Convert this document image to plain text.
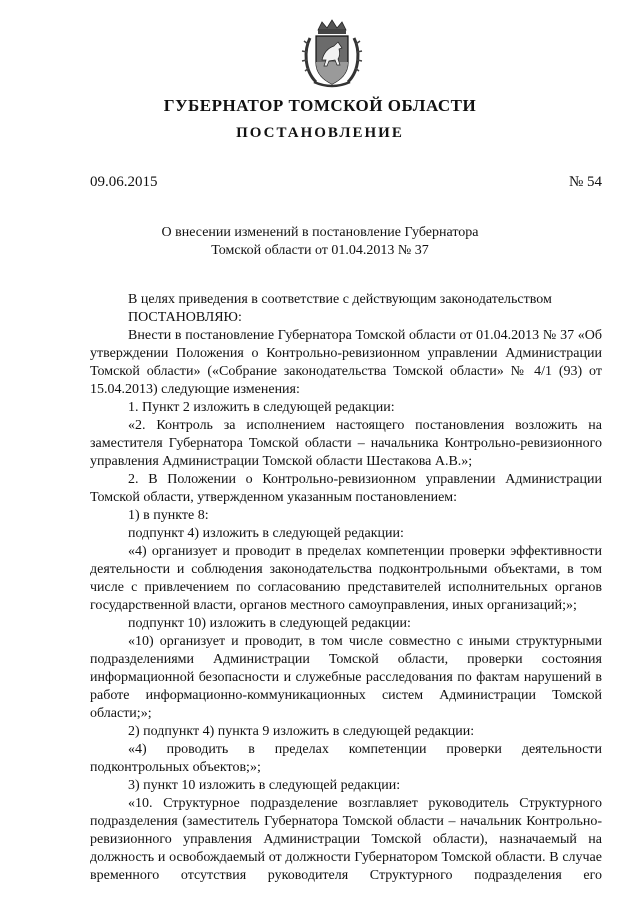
ГУБЕРНАТОР ТОМСКОЙ ОБЛАСТИ
ПОСТАНОВЛЕНИЕ
09.06.2015	№ 54
О внесении изменений в постановление Губернатора
Томской области от 01.04.2013 № 37

В целях приведения в соответствие с действующим законодательством

ПОСТАНОВЛЯЮ:

Внести в постановление Губернатора Томской области от 01.04.2013 № 37 «Об утверждении Положения о Контрольно-ревизионном управлении Администрации Томской области» («Собрание законодательства Томской области» № 4/1 (93) от 15.04.2013) следующие изменения:

1. Пункт 2 изложить в следующей редакции:

«2. Контроль за исполнением настоящего постановления возложить на заместителя Губернатора Томской области – начальника Контрольно-ревизионного управления Администрации Томской области Шестакова А.В.»;

2. В Положении о Контрольно-ревизионном управлении Администрации Томской области, утвержденном указанным постановлением:

1) в пункте 8:

подпункт 4) изложить в следующей редакции:

«4) организует и проводит в пределах компетенции проверки эффективности деятельности и соблюдения законодательства подконтрольными объектами, в том числе с привлечением по согласованию представителей исполнительных органов государственной власти, органов местного самоуправления, иных организаций;»;

подпункт 10) изложить в следующей редакции:

«10) организует и проводит, в том числе совместно с иными структурными подразделениями Администрации Томской области, проверки состояния информационной безопасности и служебные расследования по фактам нарушений в работе информационно-коммуникационных систем Администрации Томской области;»;

2) подпункт 4) пункта 9 изложить в следующей редакции:

«4) проводить в пределах компетенции проверки деятельности подконтрольных объектов;»;

3) пункт 10 изложить в следующей редакции:

«10. Структурное подразделение возглавляет руководитель Структурного подразделения (заместитель Губернатора Томской области – начальник Контрольно-ревизионного управления Администрации Томской области), назначаемый на должность и освобождаемый от должности Губернатором Томской области. В случае временного отсутствия руководителя Структурного подразделения его
